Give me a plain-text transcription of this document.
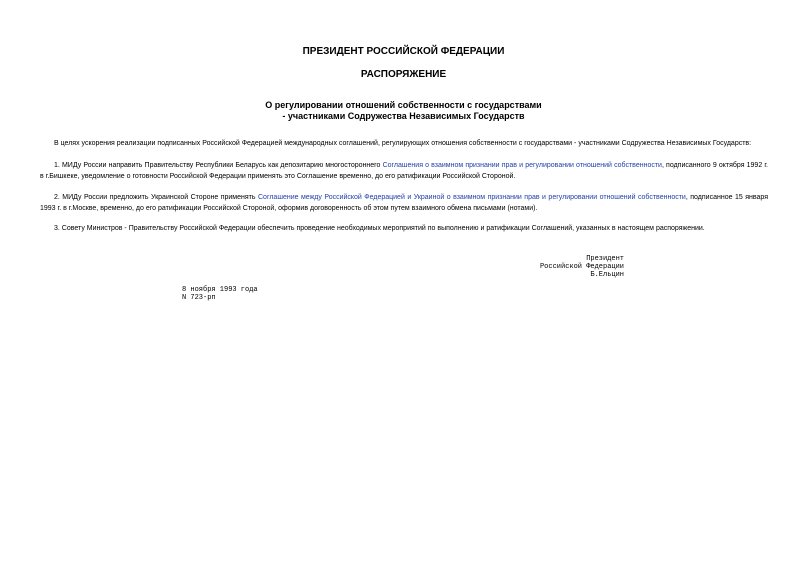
ПРЕЗИДЕНТ РОССИЙСКОЙ ФЕДЕРАЦИИ
РАСПОРЯЖЕНИЕ
О регулировании отношений собственности с государствами
- участниками Содружества Независимых Государств
В целях ускорения реализации подписанных Российской Федерацией международных соглашений, регулирующих отношения собственности с государствами - участниками Содружества Независимых Государств:
1. МИДу России направить Правительству Республики Беларусь как депозитарию многостороннего Соглашения о взаимном признании прав и регулировании отношений собственности, подписанного 9 октября 1992 г. в г.Бишкеке, уведомление о готовности Российской Федерации применять это Соглашение временно, до его ратификации Российской Стороной.
2. МИДу России предложить Украинской Стороне применять Соглашение между Российской Федерацией и Украиной о взаимном признании прав и регулировании отношений собственности, подписанное 15 января 1993 г. в г.Москве, временно, до его ратификации Российской Стороной, оформив договоренность об этом путем взаимного обмена письмами (нотами).
3. Совету Министров - Правительству Российской Федерации обеспечить проведение необходимых мероприятий по выполнению и ратификации Соглашений, указанных в настоящем распоряжении.
Президент
Российской Федерации
Б.Ельцин
8 ноября 1993 года
N 723-рп
